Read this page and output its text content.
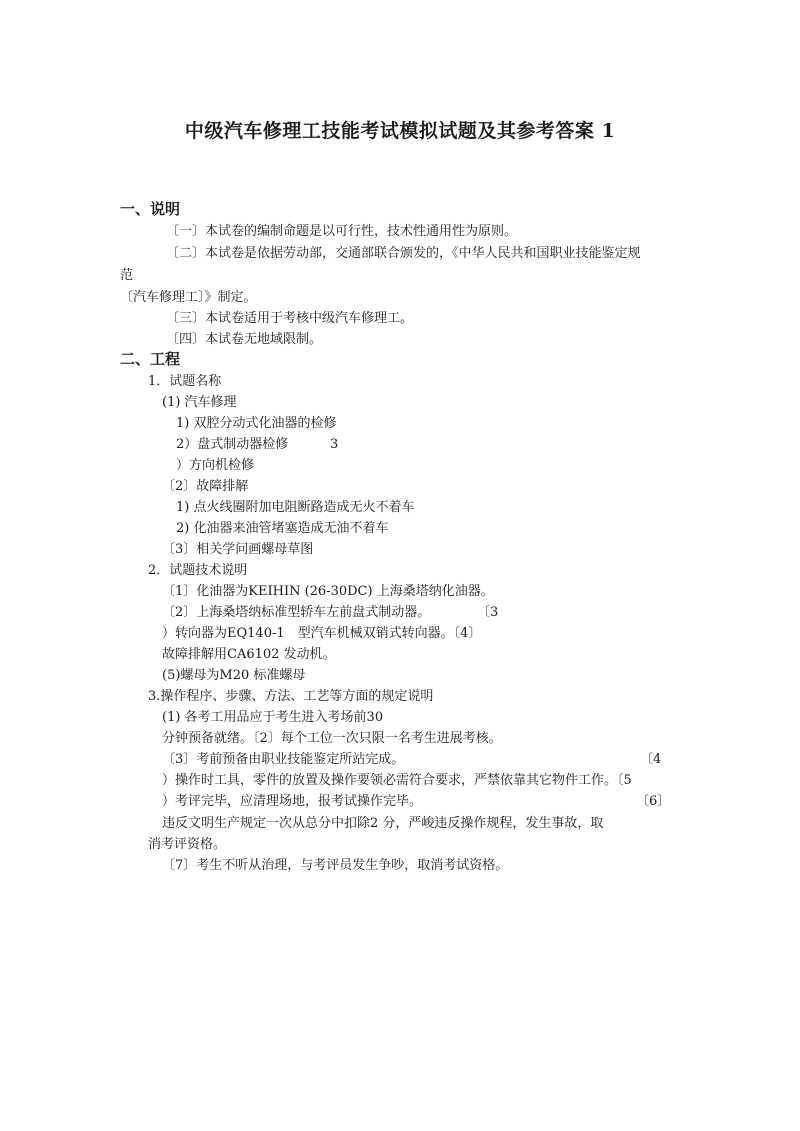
中级汽车修理工技能考试模拟试题及其参考答案 1
一、说明
〔一〕本试卷的编制命题是以可行性，技术性通用性为原则。
〔二〕本试卷是依据劳动部，交通部联合颁发的，《中华人民共和国职业技能鉴定规
范
〔汽车修理工〕》制定。
〔三〕本试卷适用于考核中级汽车修理工。
〔四〕本试卷无地域限制。
二、工程
1．试题名称
(1) 汽车修理
1) 双腔分动式化油器的检修
2）盘式制动器检修	3
）方向机检修
〔2〕故障排解
1) 点火线圈附加电阻断路造成无火不着车
2) 化油器来油管堵塞造成无油不着车
〔3〕相关学问画螺母草图
2．试题技术说明
〔1〕化油器为KEIHIN (26-30DC) 上海桑塔纳化油器。
〔2〕上海桑塔纳标准型轿车左前盘式制动器。	〔3
）转向器为EQ140-1　型汽车机械双销式转向器。〔4〕
故障排解用CA6102 发动机。
(5)螺母为M20 标准螺母
3.操作程序、步骤、方法、工艺等方面的规定说明
(1) 各考工用品应于考生进入考场前30
分钟预备就绪。〔2〕每个工位一次只限一名考生进展考核。
〔3〕考前预备由职业技能鉴定所站完成。	〔4
）操作时工具，零件的放置及操作要领必需符合要求，严禁依靠其它物件工作。〔5
）考评完毕，应清理场地，报考试操作完毕。	〔6〕
违反文明生产规定一次从总分中扣除2 分，严峻违反操作规程，发生事故，取
消考评资格。
〔7〕考生不听从治理，与考评员发生争吵，取消考试资格。
